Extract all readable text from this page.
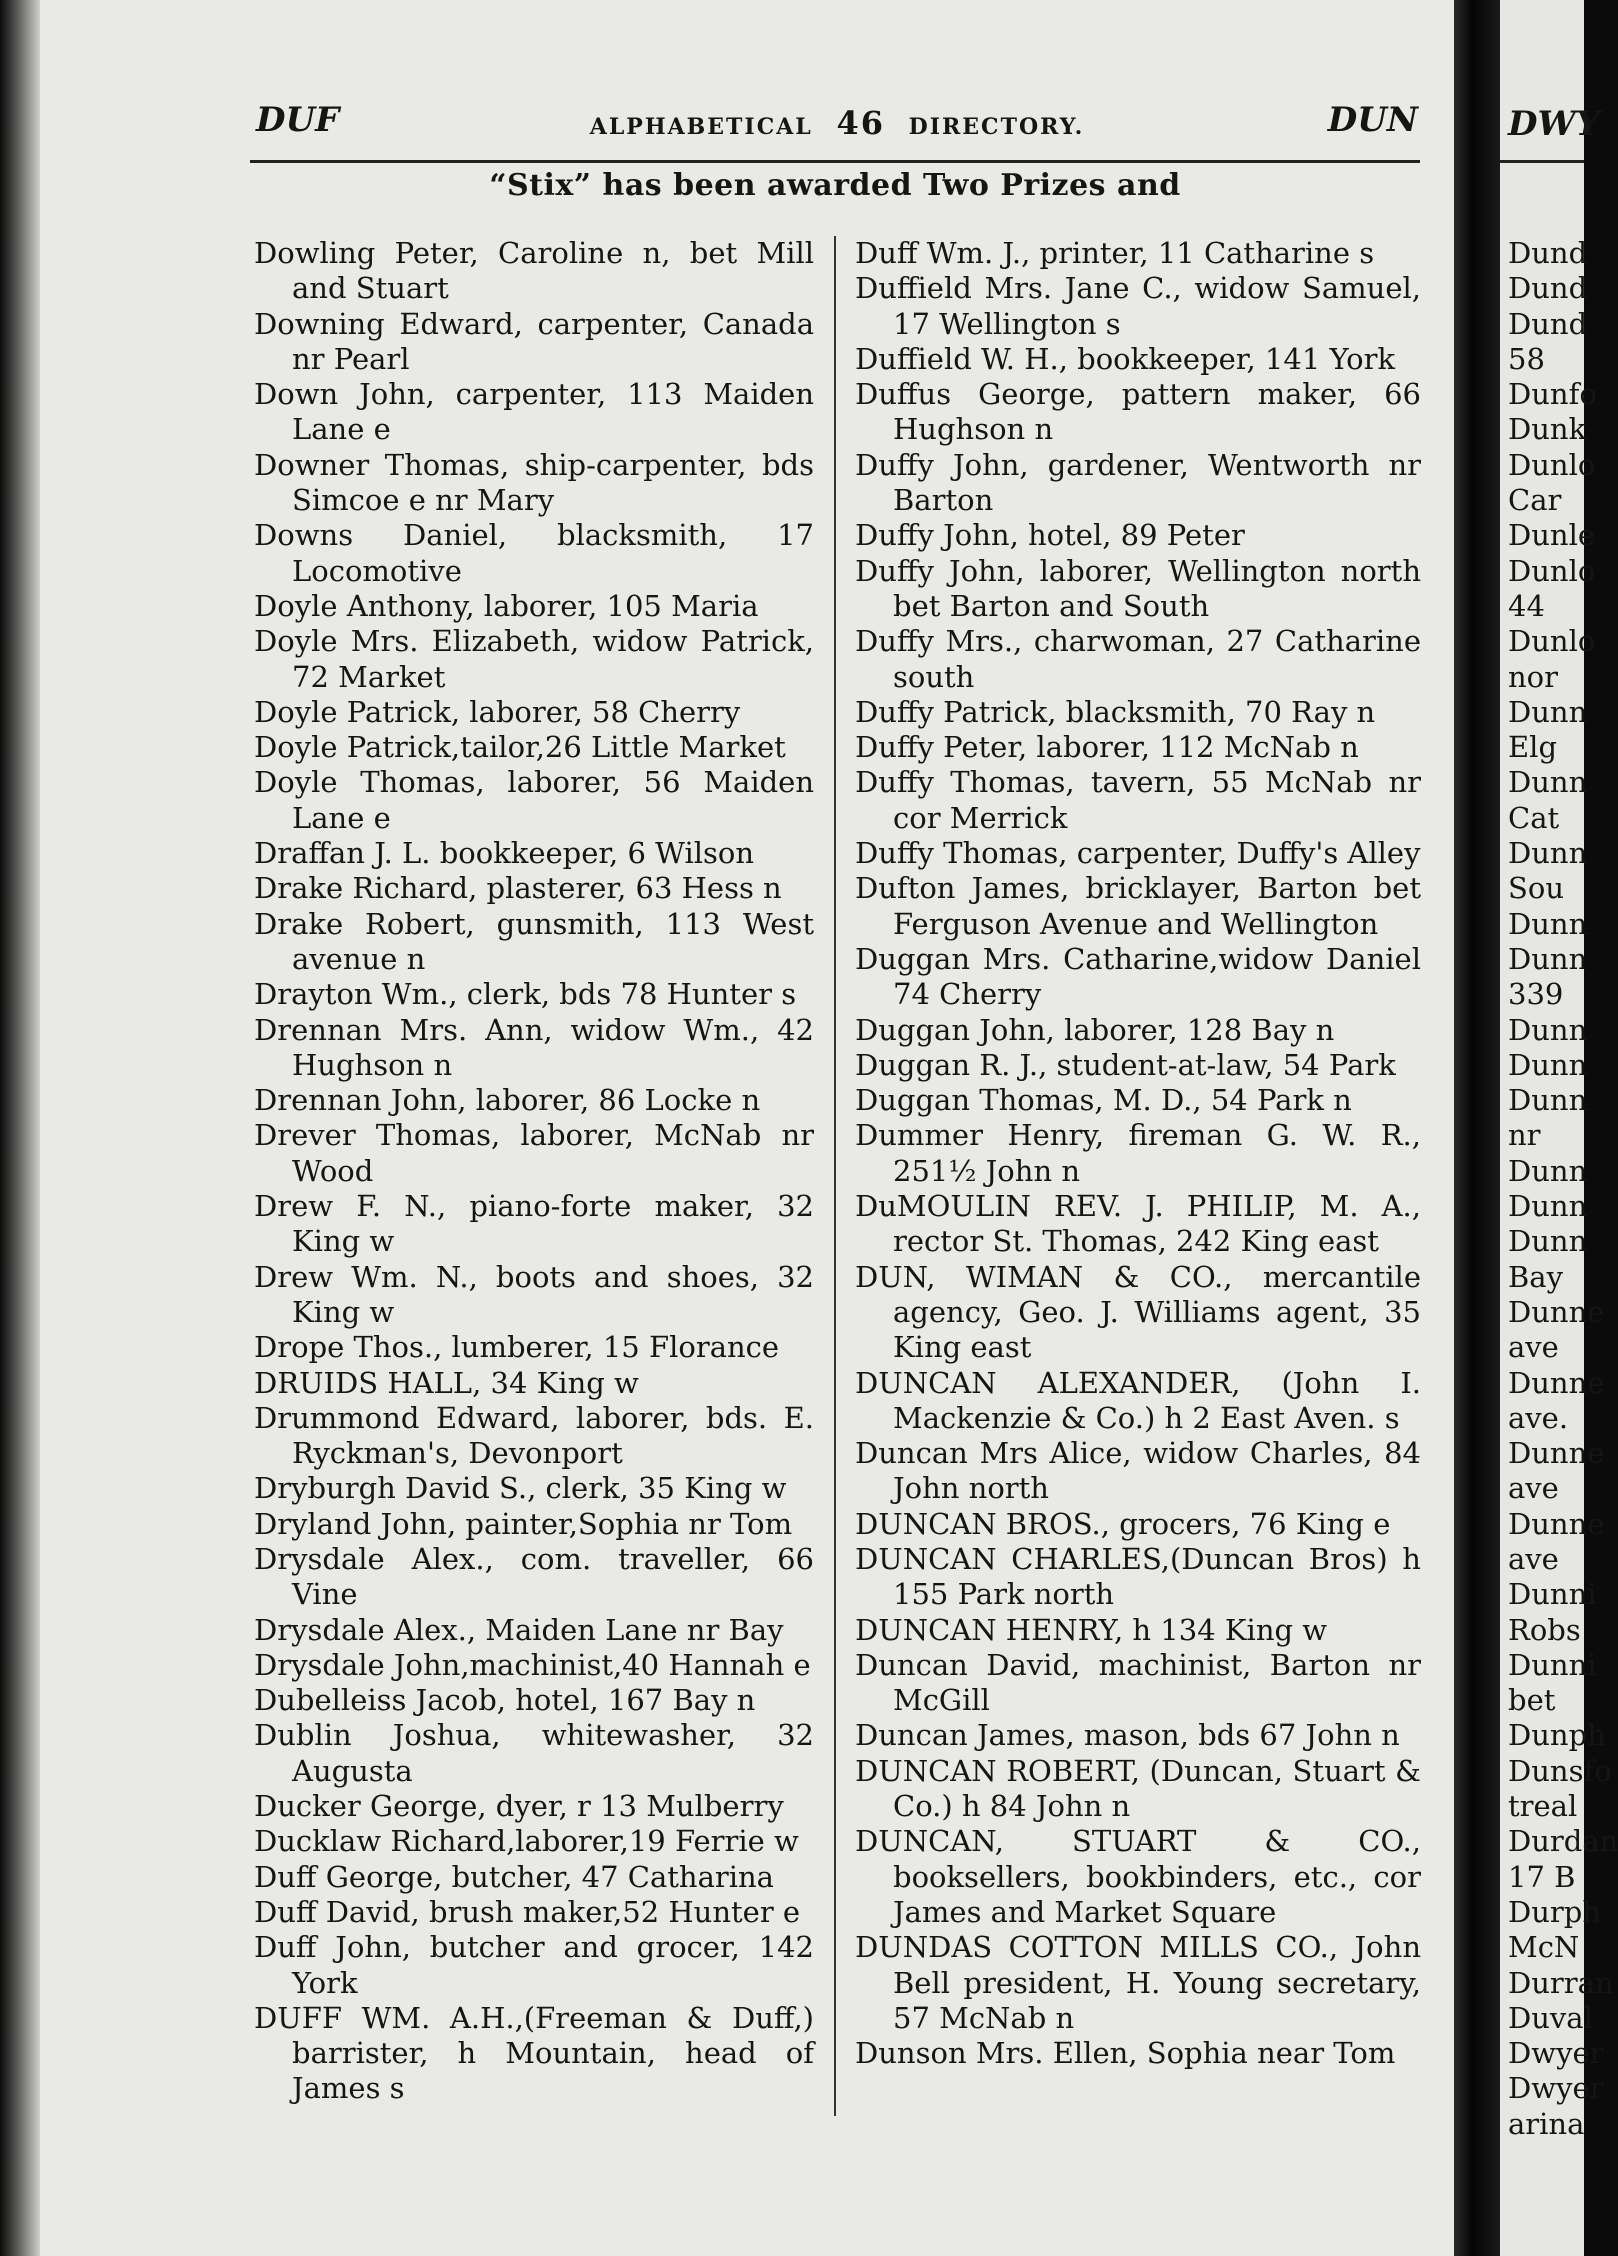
DUF	ALPHABETICAL 46 DIRECTORY.	DUN
“Stix” has been awarded Two Prizes and
Dowling Peter, Caroline n, bet Mill and Stuart
Downing Edward, carpenter, Canada nr Pearl
Down John, carpenter, 113 Maiden Lane e
Downer Thomas, ship-carpenter, bds Simcoe e nr Mary
Downs Daniel, blacksmith, 17 Locomotive
Doyle Anthony, laborer, 105 Maria
Doyle Mrs. Elizabeth, widow Patrick, 72 Market
Doyle Patrick, laborer, 58 Cherry
Doyle Patrick,tailor,26 Little Market
Doyle Thomas, laborer, 56 Maiden Lane e
Draffan J. L. bookkeeper, 6 Wilson
Drake Richard, plasterer, 63 Hess n
Drake Robert, gunsmith, 113 West avenue n
Drayton Wm., clerk, bds 78 Hunter s
Drennan Mrs. Ann, widow Wm., 42 Hughson n
Drennan John, laborer, 86 Locke n
Drever Thomas, laborer, McNab nr Wood
Drew F. N., piano-forte maker, 32 King w
Drew Wm. N., boots and shoes, 32 King w
Drope Thos., lumberer, 15 Florance
DRUIDS HALL, 34 King w
Drummond Edward, laborer, bds. E. Ryckman's, Devonport
Dryburgh David S., clerk, 35 King w
Dryland John, painter,Sophia nr Tom
Drysdale Alex., com. traveller, 66 Vine
Drysdale Alex., Maiden Lane nr Bay
Drysdale John,machinist,40 Hannah e
Dubelleiss Jacob, hotel, 167 Bay n
Dublin Joshua, whitewasher, 32 Augusta
Ducker George, dyer, r 13 Mulberry
Ducklaw Richard,laborer,19 Ferrie w
Duff George, butcher, 47 Catharina
Duff David, brush maker,52 Hunter e
Duff John, butcher and grocer, 142 York
DUFF WM. A.H.,(Freeman & Duff,) barrister, h Mountain, head of James s
Duff Wm. J., printer, 11 Catharine s
Duffield Mrs. Jane C., widow Samuel, 17 Wellington s
Duffield W. H., bookkeeper, 141 York
Duffus George, pattern maker, 66 Hughson n
Duffy John, gardener, Wentworth nr Barton
Duffy John, hotel, 89 Peter
Duffy John, laborer, Wellington north bet Barton and South
Duffy Mrs., charwoman, 27 Catharine south
Duffy Patrick, blacksmith, 70 Ray n
Duffy Peter, laborer, 112 McNab n
Duffy Thomas, tavern, 55 McNab nr cor Merrick
Duffy Thomas, carpenter, Duffy's Alley
Dufton James, bricklayer, Barton bet Ferguson Avenue and Wellington
Duggan Mrs. Catharine,widow Daniel 74 Cherry
Duggan John, laborer, 128 Bay n
Duggan R. J., student-at-law, 54 Park
Duggan Thomas, M. D., 54 Park n
Dummer Henry, fireman G. W. R., 251½ John n
DuMOULIN REV. J. PHILIP, M. A., rector St. Thomas, 242 King east
DUN, WIMAN & CO., mercantile agency, Geo. J. Williams agent, 35 King east
DUNCAN ALEXANDER, (John I. Mackenzie & Co.) h 2 East Aven. s
Duncan Mrs Alice, widow Charles, 84 John north
DUNCAN BROS., grocers, 76 King e
DUNCAN CHARLES,(Duncan Bros) h 155 Park north
DUNCAN HENRY, h 134 King w
Duncan David, machinist, Barton nr McGill
Duncan James, mason, bds 67 John n
DUNCAN ROBERT, (Duncan, Stuart & Co.) h 84 John n
DUNCAN, STUART & CO., booksellers, bookbinders, etc., cor James and Market Square
DUNDAS COTTON MILLS CO., John Bell president, H. Young secretary, 57 McNab n
Dunson Mrs. Ellen, Sophia near Tom
DWY
Dund
Dund
Dund
58
Dunfo
Dunk
Dunlo
Car
Dunle
Dunlo
44
Dunlo
nor
Dunn
Elg
Dunn
Cat
Dunn
Sou
Dunn
Dunn
339
Dunn
Dunn
Dunn
nr
Dunn
Dunn
Dunn
Bay
Dunne
ave
Dunne
ave.
Dunne
ave
Dunne
ave
Dunni
Robs
Dunni
bet
Dunph
Dunsfo
treal
Durdan
17 B
Durph
McN
Durran
Duval
Dwyer
Dwyer
arina
